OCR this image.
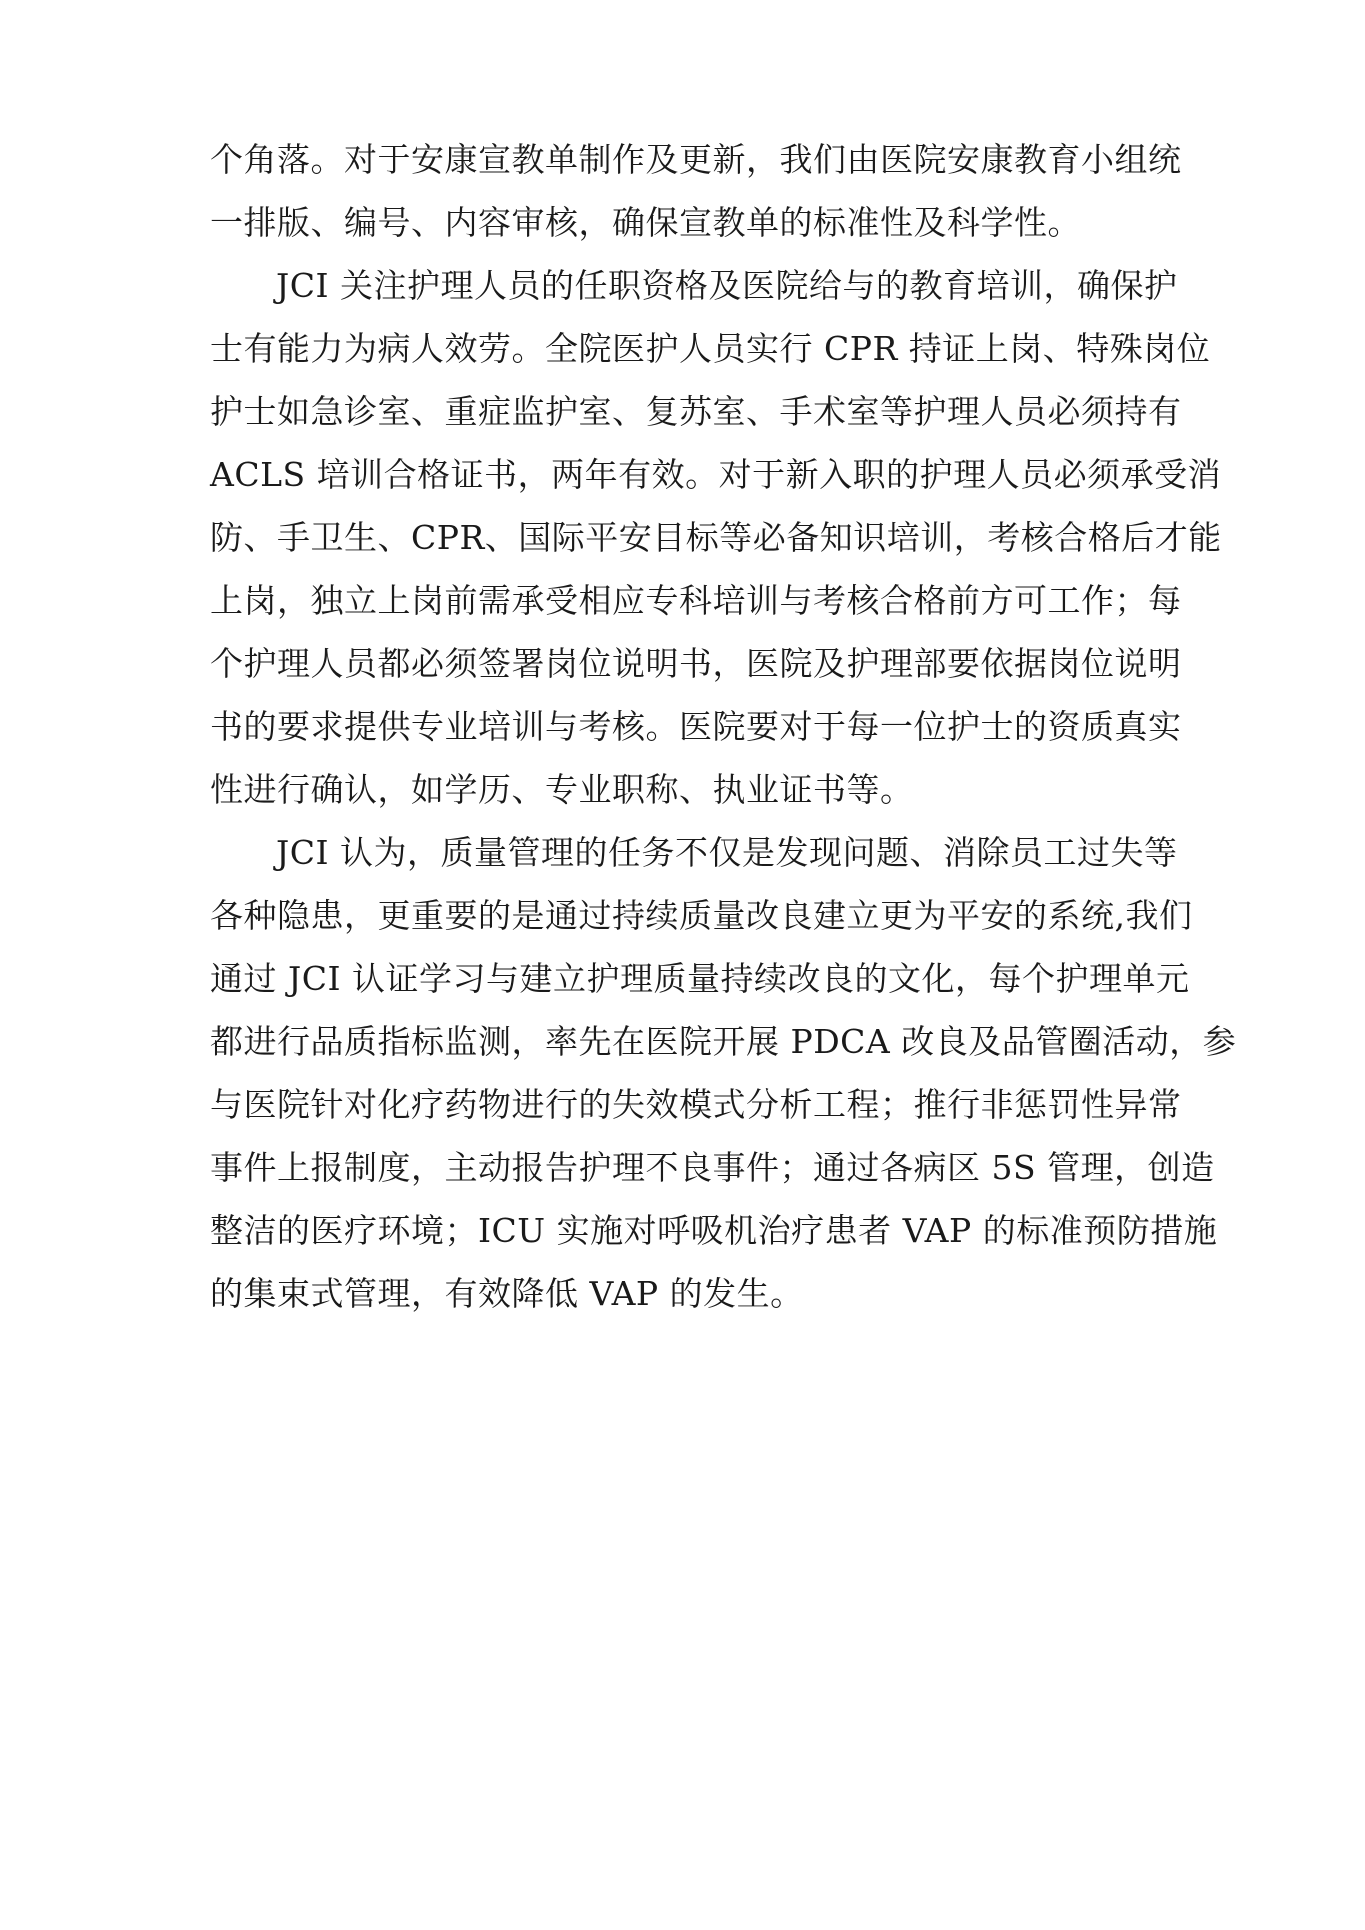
个角落。对于安康宣教单制作及更新，我们由医院安康教育小组统
一排版、编号、内容审核，确保宣教单的标准性及科学性。
JCI 关注护理人员的任职资格及医院给与的教育培训，确保护
士有能力为病人效劳。全院医护人员实行 CPR 持证上岗、特殊岗位
护士如急诊室、重症监护室、复苏室、手术室等护理人员必须持有
ACLS 培训合格证书，两年有效。对于新入职的护理人员必须承受消
防、手卫生、CPR、国际平安目标等必备知识培训，考核合格后才能
上岗，独立上岗前需承受相应专科培训与考核合格前方可工作；每
个护理人员都必须签署岗位说明书，医院及护理部要依据岗位说明
书的要求提供专业培训与考核。医院要对于每一位护士的资质真实
性进行确认，如学历、专业职称、执业证书等。
JCI 认为，质量管理的任务不仅是发现问题、消除员工过失等
各种隐患，更重要的是通过持续质量改良建立更为平安的系统,我们
通过 JCI 认证学习与建立护理质量持续改良的文化，每个护理单元
都进行品质指标监测，率先在医院开展 PDCA 改良及品管圈活动，参
与医院针对化疗药物进行的失效模式分析工程；推行非惩罚性异常
事件上报制度，主动报告护理不良事件；通过各病区 5S 管理，创造
整洁的医疗环境；ICU 实施对呼吸机治疗患者 VAP 的标准预防措施
的集束式管理，有效降低 VAP 的发生。
